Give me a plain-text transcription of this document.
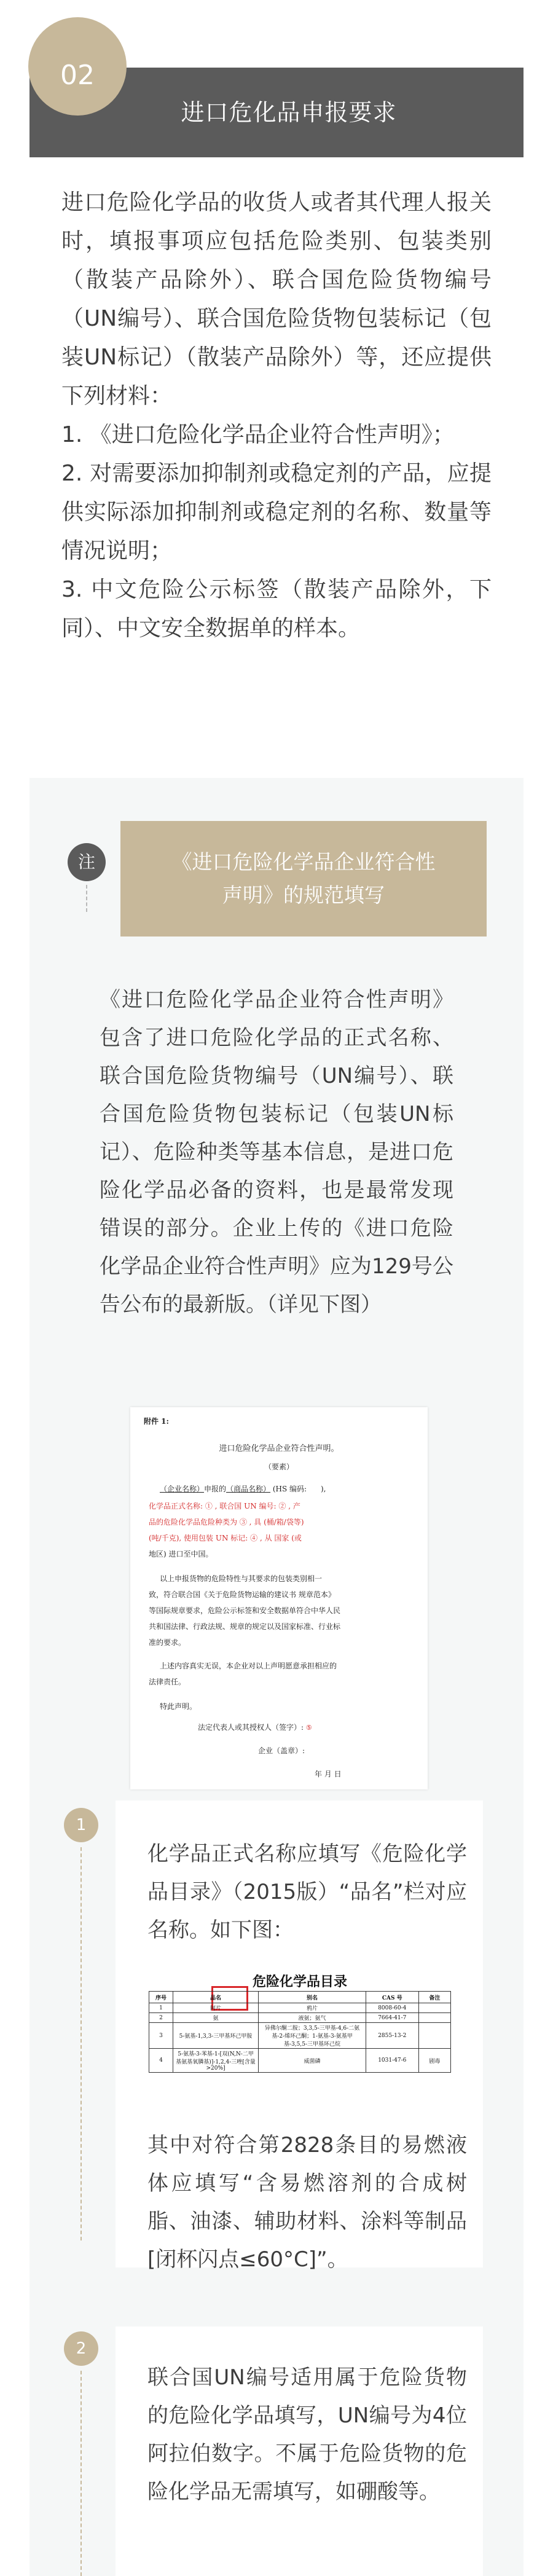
进口危化品申报要求
02

进口危险化学品的收货人或者其代理人报关时，填报事项应包括危险类别、包装类别（散装产品除外）、联合国危险货物编号（UN编号）、联合国危险货物包装标记（包装UN标记）（散装产品除外）等，还应提供下列材料：

1. 《进口危险化学品企业符合性声明》；

2. 对需要添加抑制剂或稳定剂的产品，应提供实际添加抑制剂或稳定剂的名称、数量等情况说明；

3. 中文危险公示标签（散装产品除外，下同）、中文安全数据单的样本。

注	《进口危险化学品企业符合性
声明》的规范填写

《进口危险化学品企业符合性声明》包含了进口危险化学品的正式名称、联合国危险货物编号（UN编号）、联合国危险货物包装标记（包装UN标记）、危险种类等基本信息，是进口危险化学品必备的资料，也是最常发现错误的部分。企业上传的《进口危险化学品企业符合性声明》应为129号公告公布的最新版。（详见下图）

附件 1:
进口危险化学品企业符合性声明。
（要素）
（企业名称）申报的（商品名称） (HS 编码: ),
化学品正式名称: ① , 联合国 UN 编号: ② , 产
品的危险化学品危险种类为 ③ , 具 (桶/箱/袋等)
(吨/千克), 使用包装 UN 标记: ④ , 从 国家 (或
地区) 进口至中国。
以上申报货物的危险特性与其要求的包装类别相一
致，符合联合国《关于危险货物运输的建议书 规章范本》
等国际规章要求，危险公示标签和安全数据单符合中华人民
共和国法律、行政法规、规章的规定以及国家标准、行业标
准的要求。
上述内容真实无误，本企业对以上声明愿意承担相应的
法律责任。
特此声明。
法定代表人或其授权人（签字）: ⑤
企业（盖章）:
年 月 日
1

化学品正式名称应填写《危险化学品目录》（2015版）“品名”栏对应名称。如下图：

危险化学品目录
序号	品名	别名	CAS 号	备注
1	阿片	鸦片	8008-60-4	
2	氨	液氨；氨气	7664-41-7	
3	5-氨基-1,3,3-三甲基环己甲胺	异佛尔酮二胺；3,3,5-三甲基-4,6-二氨基-2-烯环己酮；1-氨基-3-氨基甲基-3,5,5-三甲基环己烷	2855-13-2	
4	5-氨基-3-苯基-1-[双(N,N-二甲基氨基氧膦基)]-1,2,4-三唑[含量>20%]	威菌磷	1031-47-6	剧毒

其中对符合第2828条目的易燃液体应填写“含易燃溶剂的合成树脂、油漆、辅助材料、涂料等制品[闭杯闪点≤60°C]”。

2

联合国UN编号适用属于危险货物的危险化学品填写，UN编号为4位阿拉伯数字。不属于危险货物的危险化学品无需填写，如硼酸等。
